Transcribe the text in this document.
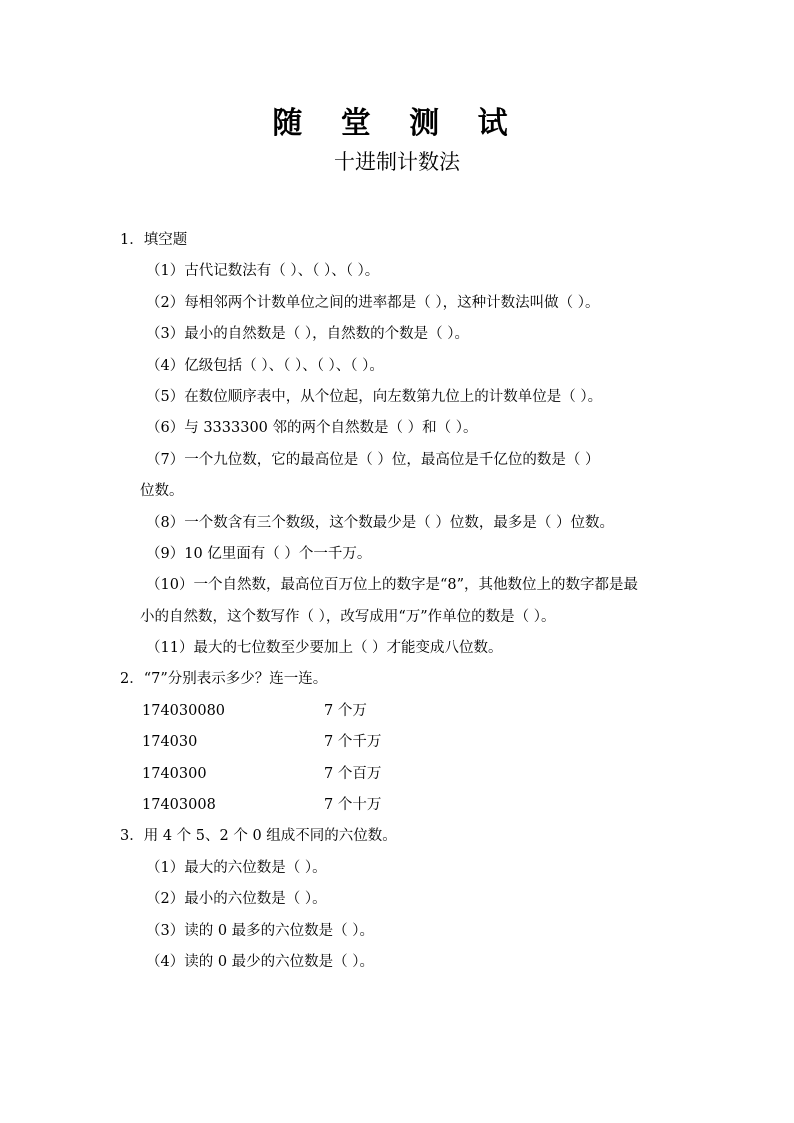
随 堂 测 试
十进制计数法
1．填空题
（1）古代记数法有（ ）、（ ）、（ ）。
（2）每相邻两个计数单位之间的进率都是（ ），这种计数法叫做（ ）。
（3）最小的自然数是（ ），自然数的个数是（ ）。
（4）亿级包括（ ）、（ ）、（ ）、（ ）。
（5）在数位顺序表中，从个位起，向左数第九位上的计数单位是（ ）。
（6）与 3333300 邻的两个自然数是（ ）和（ ）。
（7）一个九位数，它的最高位是（ ）位，最高位是千亿位的数是（ ）
位数。
（8）一个数含有三个数级，这个数最少是（ ）位数，最多是（ ）位数。
（9）10 亿里面有（ ）个一千万。
（10）一个自然数，最高位百万位上的数字是“8”，其他数位上的数字都是最
小的自然数，这个数写作（ ），改写成用“万”作单位的数是（ ）。
（11）最大的七位数至少要加上（ ）才能变成八位数。
2．“7”分别表示多少？连一连。
174030080	7 个万
174030	7 个千万
1740300	7 个百万
17403008	7 个十万
3．用 4 个 5、2 个 0 组成不同的六位数。
（1）最大的六位数是（ ）。
（2）最小的六位数是（ ）。
（3）读的 0 最多的六位数是（ ）。
（4）读的 0 最少的六位数是（ ）。
